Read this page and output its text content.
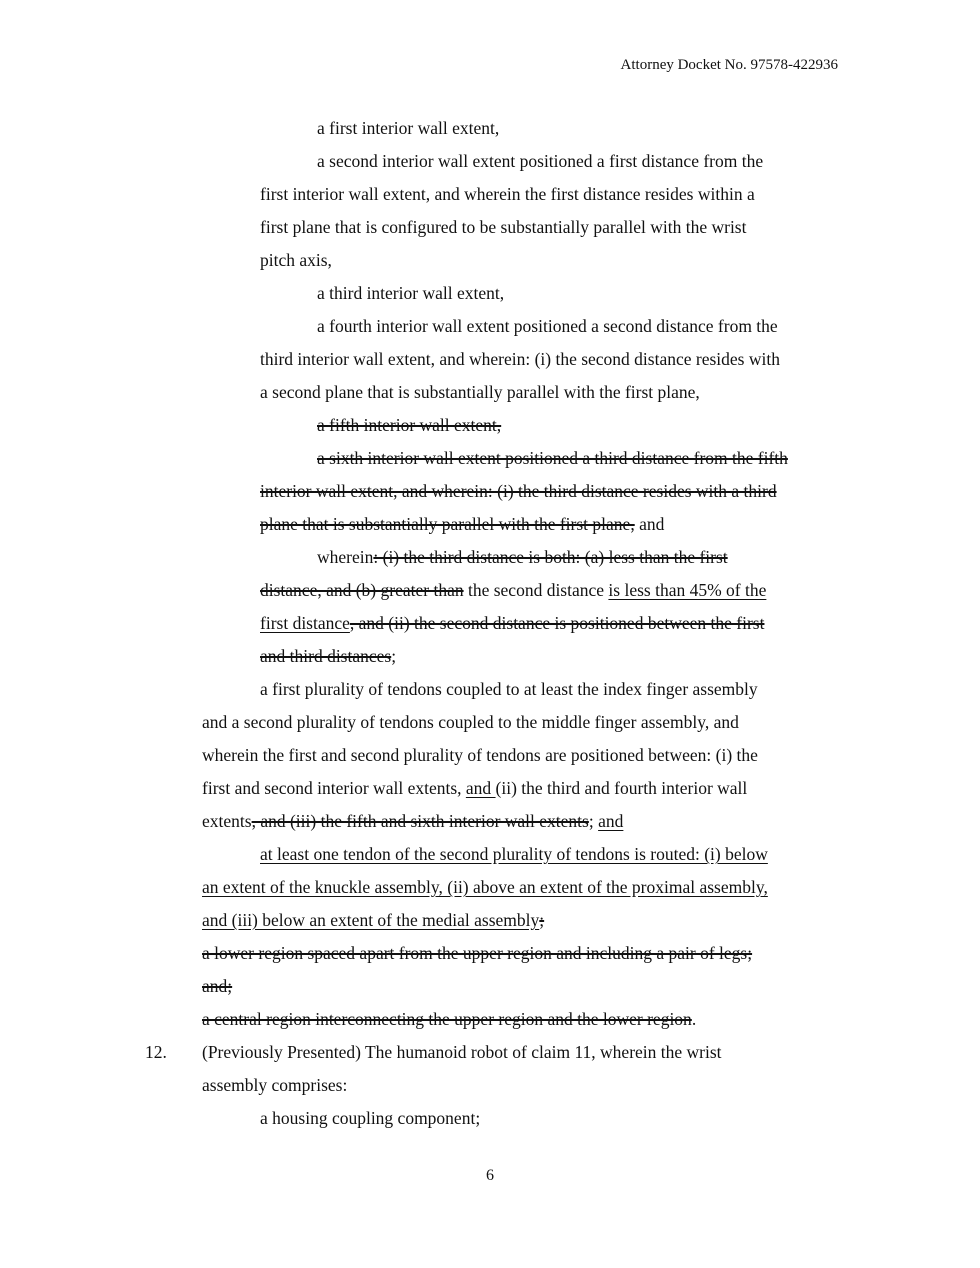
Attorney Docket No. 97578-422936
a first interior wall extent,
a second interior wall extent positioned a first distance from the
first interior wall extent, and wherein the first distance resides within a
first plane that is configured to be substantially parallel with the wrist
pitch axis,
a third interior wall extent,
a fourth interior wall extent positioned a second distance from the
third interior wall extent, and wherein: (i) the second distance resides with
a second plane that is substantially parallel with the first plane,
a fifth interior wall extent,
a sixth interior wall extent positioned a third distance from the fifth
interior wall extent, and wherein: (i) the third distance resides with a third
plane that is substantially parallel with the first plane, and
wherein: (i) the third distance is both: (a) less than the first
distance, and (b) greater than the second distance is less than 45% of the
first distance, and (ii) the second distance is positioned between the first
and third distances;
a first plurality of tendons coupled to at least the index finger assembly
and a second plurality of tendons coupled to the middle finger assembly, and
wherein the first and second plurality of tendons are positioned between: (i) the
first and second interior wall extents, and (ii) the third and fourth interior wall
extents, and (iii) the fifth and sixth interior wall extents; and
at least one tendon of the second plurality of tendons is routed: (i) below
an extent of the knuckle assembly, (ii) above an extent of the proximal assembly,
and (iii) below an extent of the medial assembly;
a lower region spaced apart from the upper region and including a pair of legs;
and;
a central region interconnecting the upper region and the lower region.
12. (Previously Presented) The humanoid robot of claim 11, wherein the wrist
assembly comprises:
a housing coupling component;
6
